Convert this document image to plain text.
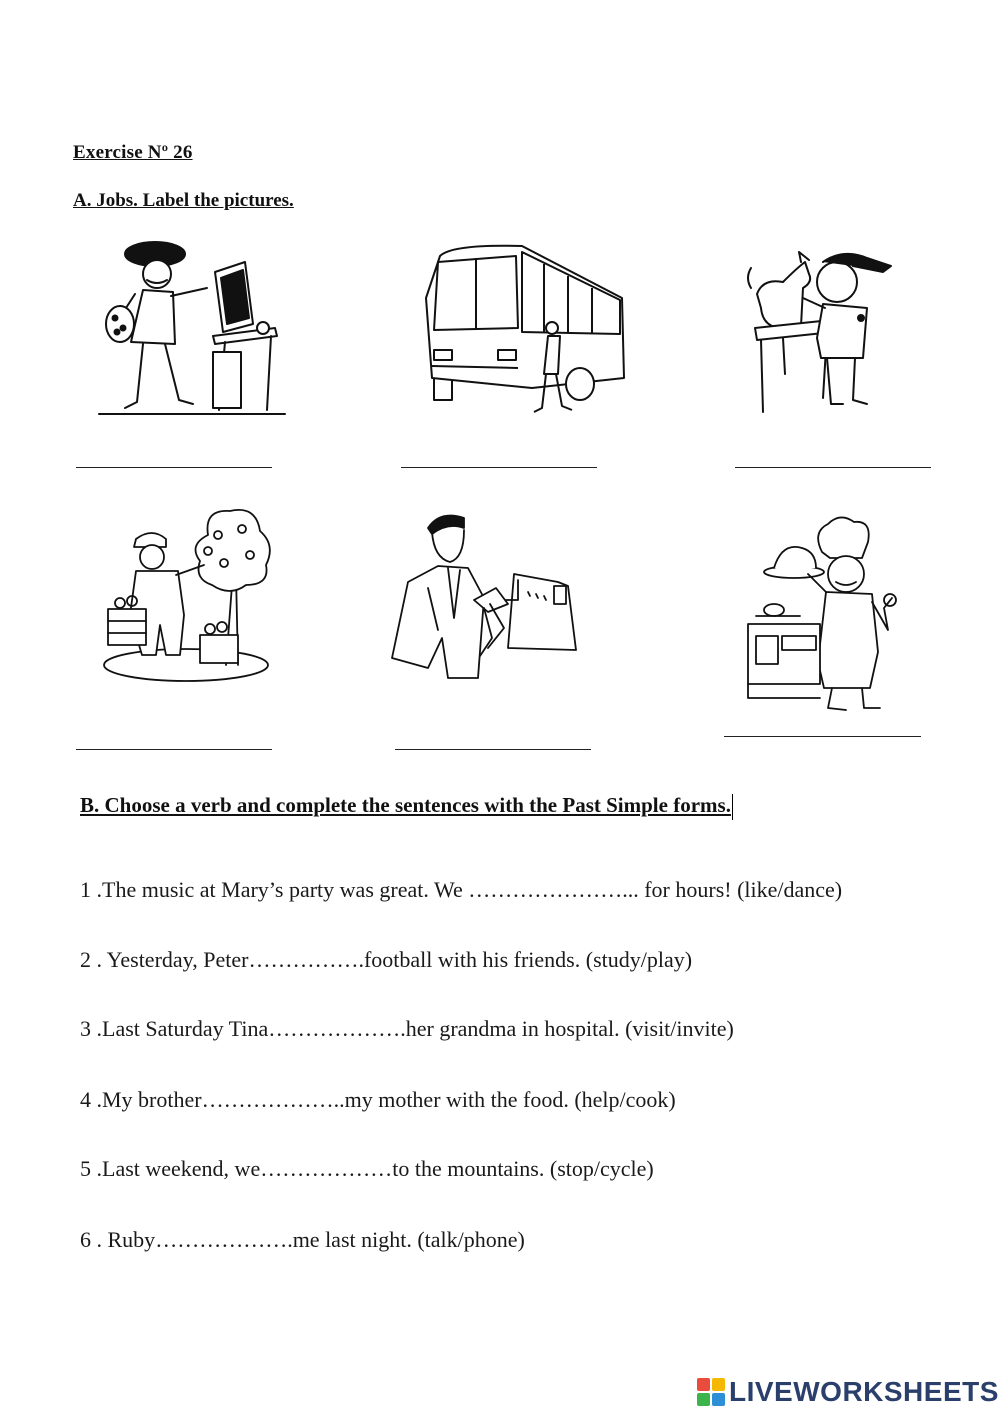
Exercise Nº 26
A. Jobs. Label the pictures.
B. Choose a verb and complete the sentences with the Past Simple forms.
1 .The music at Mary’s party was great. We …………………... for hours! (like/dance)
2 . Yesterday, Peter…………….football with his friends. (study/play)
3 .Last Saturday Tina……………….her grandma in hospital. (visit/invite)
4 .My brother………………..my mother with the food. (help/cook)
5 .Last weekend, we………………to the mountains. (stop/cycle)
6 . Ruby……………….me last night. (talk/phone)
LIVEWORKSHEETS
